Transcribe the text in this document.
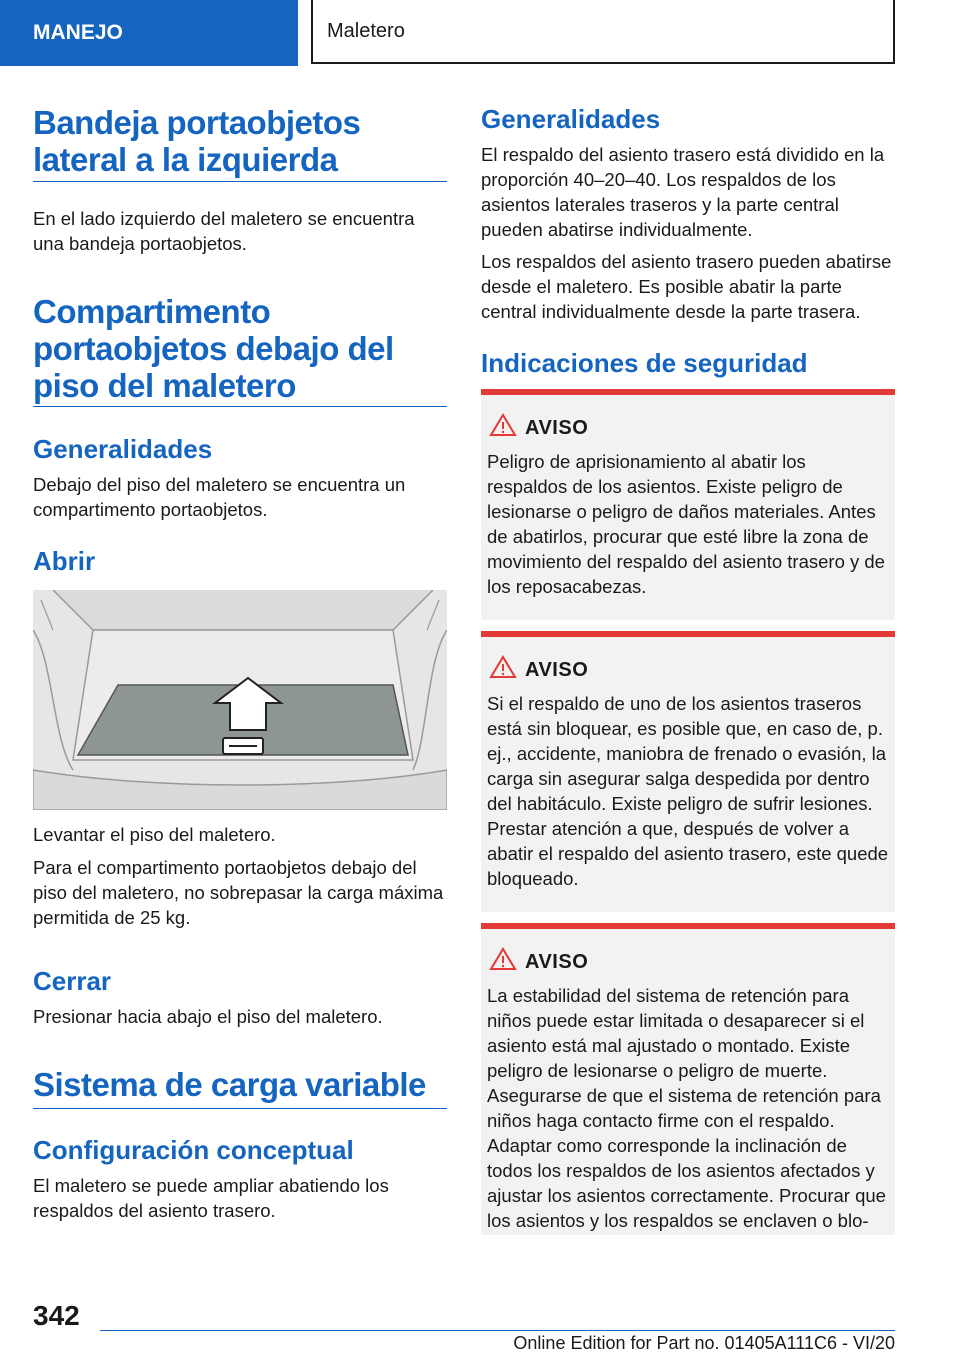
MANEJO	Maletero
Bandeja portaobjetos lateral a la izquierda

En el lado izquierdo del maletero se encuentra una bandeja portaobjetos.

Compartimento portaobjetos debajo del piso del maletero
Generalidades

Debajo del piso del maletero se encuentra un compartimento portaobjetos.

Abrir

Levantar el piso del maletero.

Para el compartimento portaobjetos debajo del piso del maletero, no sobrepasar la carga máxima permitida de 25 kg.

Cerrar

Presionar hacia abajo el piso del maletero.

Sistema de carga variable
Configuración conceptual

El maletero se puede ampliar abatiendo los respaldos del asiento trasero.

Generalidades

El respaldo del asiento trasero está dividido en la proporción 40–20–40. Los respaldos de los asientos laterales traseros y la parte central pueden abatirse individualmente.

Los respaldos del asiento trasero pueden abatirse desde el maletero. Es posible abatir la parte central individualmente desde la parte trasera.

Indicaciones de seguridad
AVISO

Peligro de aprisionamiento al abatir los respaldos de los asientos. Existe peligro de lesionarse o peligro de daños materiales. Antes de abatirlos, procurar que esté libre la zona de movimiento del respaldo del asiento trasero y de los reposacabezas.

AVISO

Si el respaldo de uno de los asientos traseros está sin bloquear, es posible que, en caso de, p. ej., accidente, maniobra de frenado o evasión, la carga sin asegurar salga despedida por dentro del habitáculo. Existe peligro de sufrir lesiones. Prestar atención a que, después de volver a abatir el respaldo del asiento trasero, este quede bloqueado.

AVISO

La estabilidad del sistema de retención para niños puede estar limitada o desaparecer si el asiento está mal ajustado o montado. Existe peligro de lesionarse o peligro de muerte. Asegurarse de que el sistema de retención para niños haga contacto firme con el respaldo. Adaptar como corresponde la inclinación de todos los respaldos de los asientos afectados y ajustar los asientos correctamente. Procurar que los asientos y los respaldos se enclaven o blo-

342
Online Edition for Part no. 01405A111C6 - VI/20
